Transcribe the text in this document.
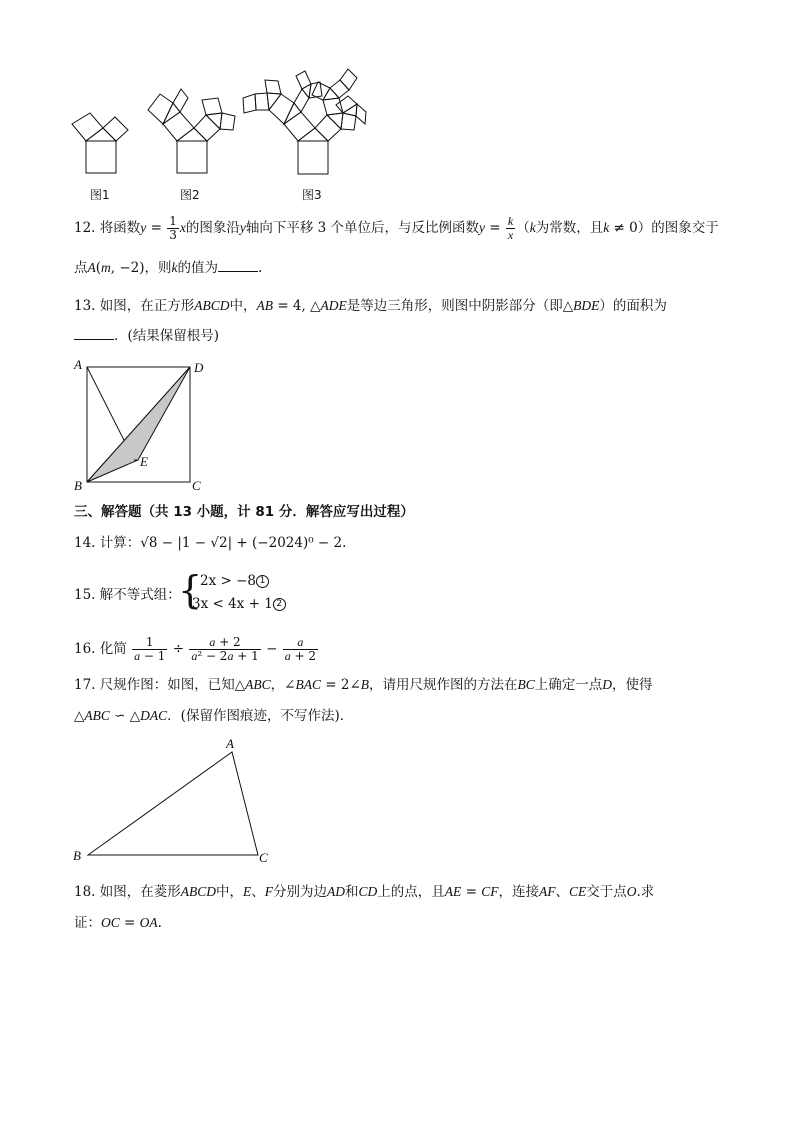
图1	图2	图3
12. 将函数$y = \frac{1}{3}$ x的图象沿y轴向下平移 3 个单位后，与反比例函数$y = \frac{k}{x} (k$为常数，且k ≠ 0）的图象交于
点A(m, −2)，则k的值为	.
13. 如图，在正方形ABCD中，AB = 4, △ADE是等边三角形，则图中阴影部分（即△BDE）的面积为
．(结果保留根号)
A	D
B	C
E
三、解答题（共 13 小题，计 81 分．解答应写出过程）
14. 计算：√8 − |1 − √2| + (−2024)⁰ − 2.
15. 解不等式组：
{
2x > −8 1
3x < 4x + 1 2
16. 化简 $\frac{1}{a - 1} \div \frac{a + 2}{\text{a² − 2a + 1}} - \frac{a}{a + 2}$
17. 尺规作图：如图，已知△ABC，∠BAC = 2∠B，请用尺规作图的方法在BC上确定一点D，使得
△ABC ∽ △DAC．(保留作图痕迹，不写作法)．
A
B	C
18. 如图，在菱形ABCD中，E、F分别为边AD和CD上的点，且AE = CF，连接AF、CE交于点O.求
证：OC = OA.
